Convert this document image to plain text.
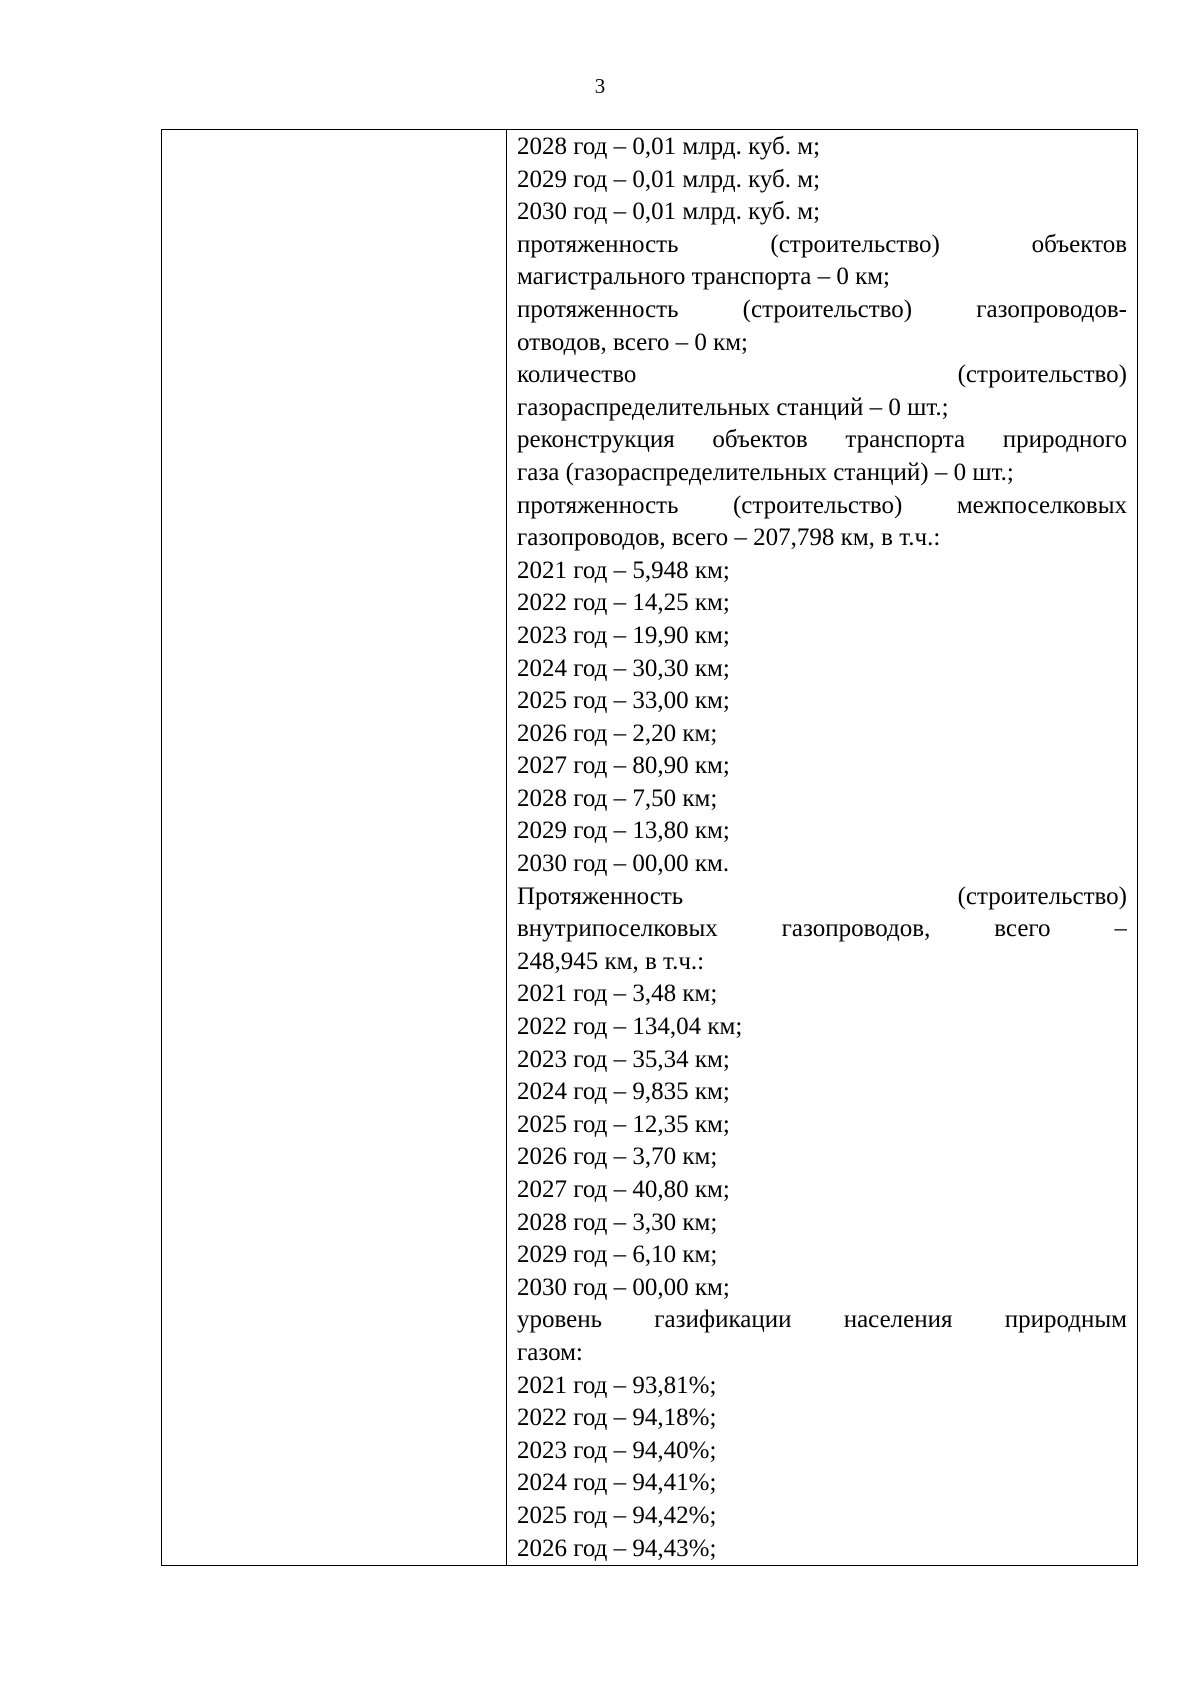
3

2028 год – 0,01 млрд. куб. м;
2029 год – 0,01 млрд. куб. м;
2030 год – 0,01 млрд. куб. м;
протяженность (строительство) объектов
магистрального транспорта – 0 км;
протяженность (строительство) газопроводов-
отводов, всего – 0 км;
количество (строительство)
газораспределительных станций – 0 шт.;
реконструкция объектов транспорта природного
газа (газораспределительных станций) – 0 шт.;
протяженность (строительство) межпоселковых
газопроводов, всего – 207,798 км, в т.ч.:
2021 год – 5,948 км;
2022 год – 14,25 км;
2023 год – 19,90 км;
2024 год – 30,30 км;
2025 год – 33,00 км;
2026 год – 2,20 км;
2027 год – 80,90 км;
2028 год – 7,50 км;
2029 год – 13,80 км;
2030 год – 00,00 км.
Протяженность (строительство)
внутрипоселковых газопроводов, всего –
248,945 км, в т.ч.:
2021 год – 3,48 км;
2022 год – 134,04 км;
2023 год – 35,34 км;
2024 год – 9,835 км;
2025 год – 12,35 км;
2026 год – 3,70 км;
2027 год – 40,80 км;
2028 год – 3,30 км;
2029 год – 6,10 км;
2030 год – 00,00 км;
уровень газификации населения природным
газом:
2021 год – 93,81%;
2022 год – 94,18%;
2023 год – 94,40%;
2024 год – 94,41%;
2025 год – 94,42%;
2026 год – 94,43%;
